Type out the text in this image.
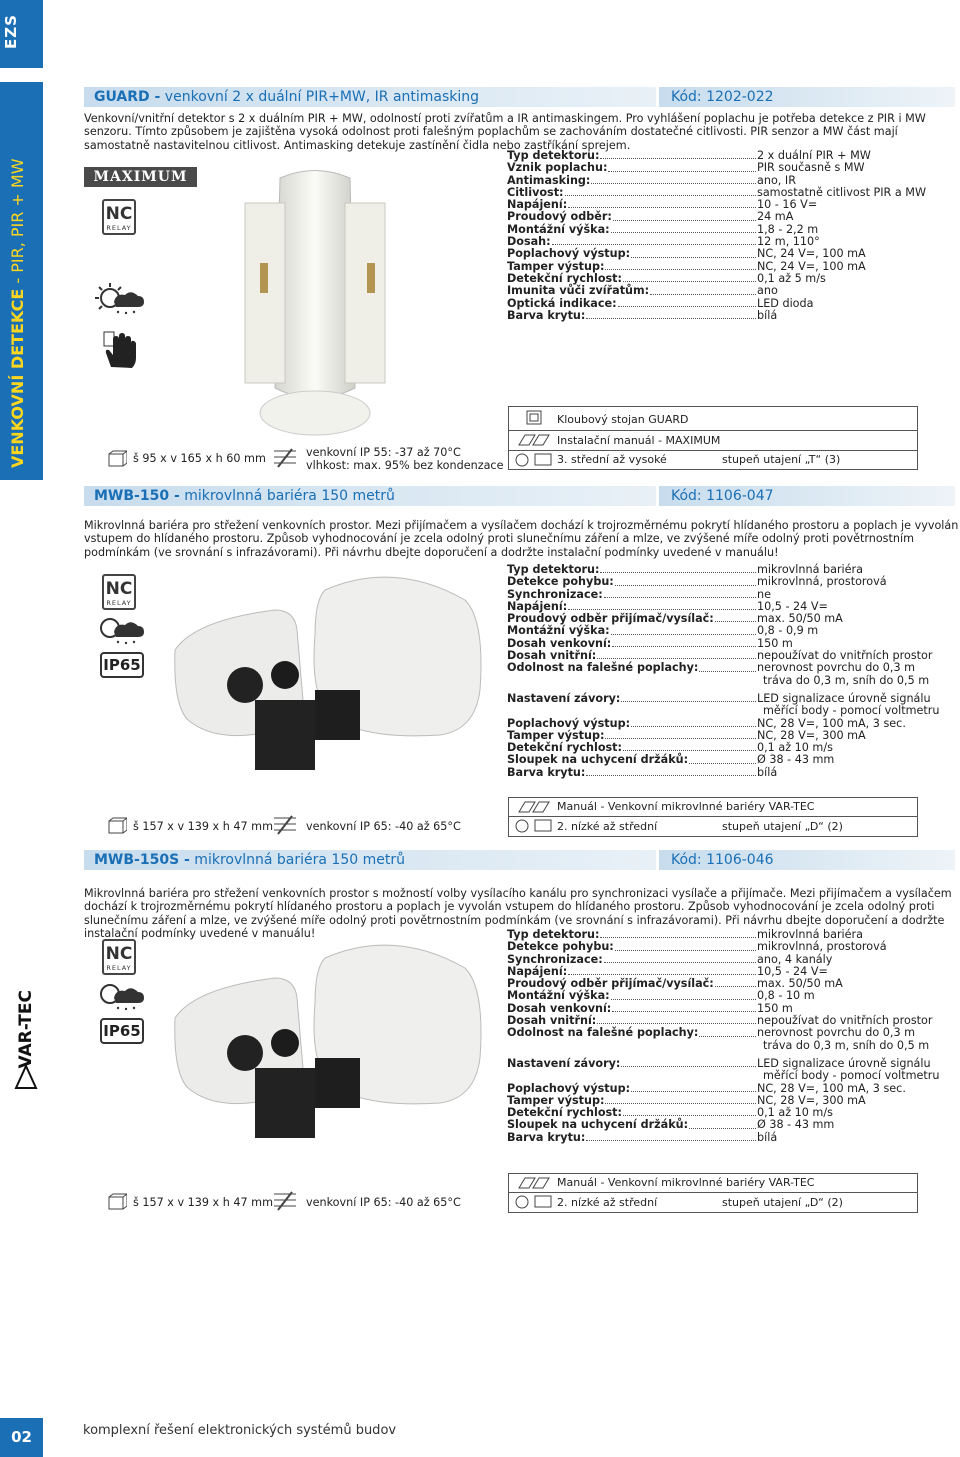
EZS
VENKOVNÍ DETEKCE - PIR, PIR + MW
VAR-TEC
02	komplexní řešení elektronických systémů budov
GUARD - venkovní 2 x duální PIR+MW, IR antimasking	Kód: 1202-022
Venkovní/vnitřní detektor s 2 x duálním PIR + MW, odolností proti zvířatům a IR antimaskingem. Pro vyhlášení poplachu je potřeba detekce z PIR i MW senzoru. Tímto způsobem je zajištěna vysoká odolnost proti falešným poplachům se zachováním dostatečné citlivosti. PIR senzor a MW část mají samostatně nastavitelnou citlivost. Antimasking detekuje zastínění čidla nebo zastříkání sprejem.
MAXIMUM
NC
RELAY
Typ detektoru:	2 x duální PIR + MW
Vznik poplachu:	PIR současně s MW
Antimasking:	ano, IR
Citlivost:	samostatně citlivost PIR a MW
Napájení:	10 - 16 V=
Proudový odběr:	24 mA
Montážní výška:	1,8 - 2,2 m
Dosah:	12 m, 110°
Poplachový výstup:	NC, 24 V=, 100 mA
Tamper výstup:	NC, 24 V=, 100 mA
Detekční rychlost:	0,1 až 5 m/s
Imunita vůči zvířatům:	ano
Optická indikace:	LED dioda
Barva krytu:	bílá
Kloubový stojan GUARD
Instalační manuál - MAXIMUM
3. střední až vysoké	stupeň utajení „T“ (3)
š 95 x v 165 x h 60 mm	venkovní IP 55: -37 až 70°C
vlhkost: max. 95% bez kondenzace
MWB-150 - mikrovlnná bariéra 150 metrů	Kód: 1106-047
Mikrovlnná bariéra pro střežení venkovních prostor. Mezi přijímačem a vysílačem dochází k trojrozměrnému pokrytí hlídaného prostoru a poplach je vyvolán vstupem do hlídaného prostoru. Způsob vyhodnocování je zcela odolný proti slunečnímu záření a mlze, ve zvýšené míře odolný proti povětrnostním podmínkám (ve srovnání s infrazávorami). Při návrhu dbejte doporučení a dodržte instalační podmínky uvedené v manuálu!
NC
RELAY
IP65
Typ detektoru:	mikrovlnná bariéra
Detekce pohybu:	mikrovlnná, prostorová
Synchronizace:	ne
Napájení:	10,5 - 24 V=
Proudový odběr přijímač/vysílač:	max. 50/50 mA
Montážní výška:	0,8 - 0,9 m
Dosah venkovní:	150 m
Dosah vnitřní:	nepoužívat do vnitřních prostor
Odolnost na falešné poplachy:	nerovnost povrchu do 0,3 m
tráva do 0,3 m, sníh do 0,5 m
Nastavení závory:	LED signalizace úrovně signálu
měřící body - pomocí voltmetru
Poplachový výstup:	NC, 28 V=, 100 mA, 3 sec.
Tamper výstup:	NC, 28 V=, 300 mA
Detekční rychlost:	0,1 až 10 m/s
Sloupek na uchycení držáků:	Ø 38 - 43 mm
Barva krytu:	bílá
Manuál - Venkovní mikrovlnné bariéry VAR-TEC
2. nízké až střední	stupeň utajení „D“ (2)
š 157 x v 139 x h 47 mm	venkovní IP 65: -40 až 65°C
MWB-150S - mikrovlnná bariéra 150 metrů	Kód: 1106-046
Mikrovlnná bariéra pro střežení venkovních prostor s možností volby vysílacího kanálu pro synchronizaci vysílače a přijímače. Mezi přijímačem a vysílačem dochází k trojrozměrnému pokrytí hlídaného prostoru a poplach je vyvolán vstupem do hlídaného prostoru. Způsob vyhodnocování je zcela odolný proti slunečnímu záření a mlze, ve zvýšené míře odolný proti povětrnostním podmínkám (ve srovnání s infrazávorami). Při návrhu dbejte doporučení a dodržte instalační podmínky uvedené v manuálu!
NC
RELAY
IP65
Typ detektoru:	mikrovlnná bariéra
Detekce pohybu:	mikrovlnná, prostorová
Synchronizace:	ano, 4 kanály
Napájení:	10,5 - 24 V=
Proudový odběr přijímač/vysílač:	max. 50/50 mA
Montážní výška:	0,8 - 10 m
Dosah venkovní:	150 m
Dosah vnitřní:	nepoužívat do vnitřních prostor
Odolnost na falešné poplachy:	nerovnost povrchu do 0,3 m
tráva do 0,3 m, sníh do 0,5 m
Nastavení závory:	LED signalizace úrovně signálu
měřící body - pomocí voltmetru
Poplachový výstup:	NC, 28 V=, 100 mA, 3 sec.
Tamper výstup:	NC, 28 V=, 300 mA
Detekční rychlost:	0,1 až 10 m/s
Sloupek na uchycení držáků:	Ø 38 - 43 mm
Barva krytu:	bílá
Manuál - Venkovní mikrovlnné bariéry VAR-TEC
2. nízké až střední	stupeň utajení „D“ (2)
š 157 x v 139 x h 47 mm	venkovní IP 65: -40 až 65°C
